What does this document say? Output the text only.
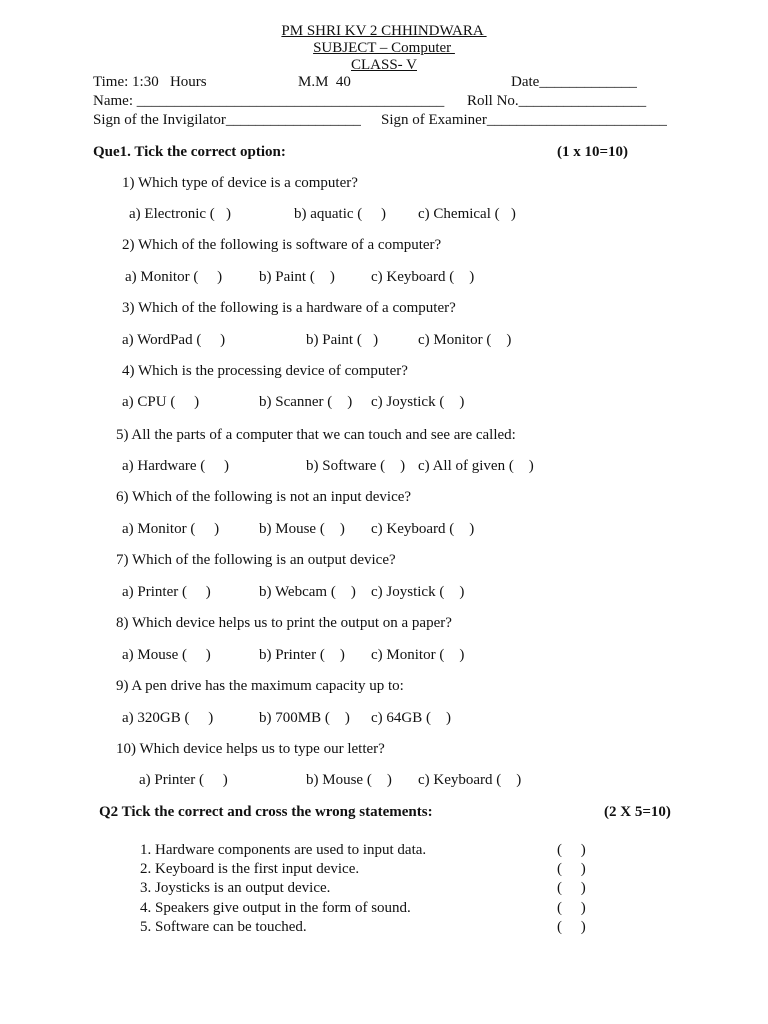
PM SHRI KV 2 CHHINDWARA
SUBJECT – Computer
CLASS- V
Time: 1:30   Hours	M.M  40	Date_____________
Name: _________________________________________ Roll No._________________
Sign of the Invigilator__________________ Sign of Examiner________________________
Que1. Tick the correct option:	(1 x 10=10)
1) Which type of device is a computer?
a) Electronic (   )	b) aquatic (     ) c) Chemical (   )
2) Which of the following is software of a computer?
a) Monitor (     ) b) Paint (    ) c) Keyboard (    )
3) Which of the following is a hardware of a computer?
a) WordPad (     )	b) Paint (   )	c) Monitor (    )
4) Which is the processing device of computer?
a) CPU (     )	b) Scanner (    ) c) Joystick (    )
5) All the parts of a computer that we can touch and see are called:
a) Hardware (     )	b) Software (    ) c) All of given (    )
6) Which of the following is not an input device?
a) Monitor (     )	b) Mouse (    ) c) Keyboard (    )
7) Which of the following is an output device?
a) Printer (     )	b) Webcam (    ) c) Joystick (    )
8) Which device helps us to print the output on a paper?
a) Mouse (     )	b) Printer (    ) c) Monitor (    )
9) A pen drive has the maximum capacity up to:
a) 320GB (     )	b) 700MB (    ) c) 64GB (    )
10) Which device helps us to type our letter?
a) Printer (     )	b) Mouse (    ) c) Keyboard (    )
Q2 Tick the correct and cross the wrong statements:	(2 X 5=10)
1. Hardware components are used to input data.	(     )
2. Keyboard is the first input device.	(     )
3. Joysticks is an output device.	(     )
4. Speakers give output in the form of sound.	(     )
5. Software can be touched.	(     )
